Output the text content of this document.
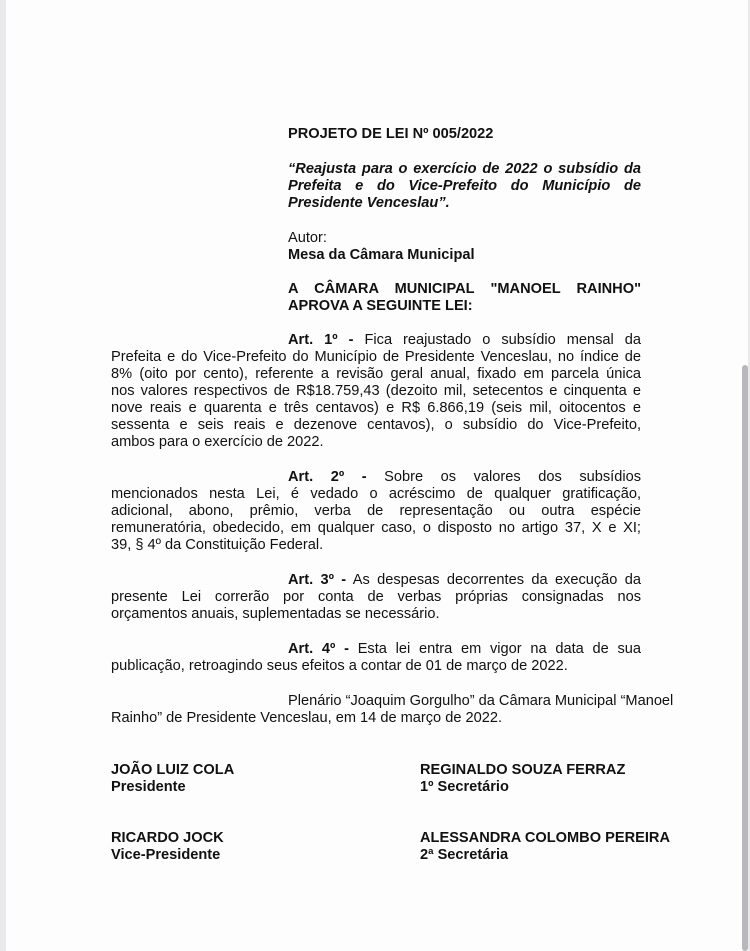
PROJETO DE LEI Nº 005/2022
“Reajusta para o exercício de 2022 o subsídio da
Prefeita e do Vice-Prefeito do Município de
Presidente Venceslau”.
Autor:
Mesa da Câmara Municipal
A CÂMARA MUNICIPAL "MANOEL RAINHO"
APROVA A SEGUINTE LEI:
Art. 1º - Fica reajustado o subsídio mensal da
Prefeita e do Vice-Prefeito do Município de Presidente Venceslau, no índice de
8% (oito por cento), referente a revisão geral anual, fixado em parcela única
nos valores respectivos de R$18.759,43 (dezoito mil, setecentos e cinquenta e
nove reais e quarenta e três centavos) e R$ 6.866,19 (seis mil, oitocentos e
sessenta e seis reais e dezenove centavos), o subsídio do Vice-Prefeito,
ambos para o exercício de 2022.
Art. 2º - Sobre os valores dos subsídios
mencionados nesta Lei, é vedado o acréscimo de qualquer gratificação,
adicional, abono, prêmio, verba de representação ou outra espécie
remuneratória, obedecido, em qualquer caso, o disposto no artigo 37, X e XI;
39, § 4º da Constituição Federal.
Art. 3º - As despesas decorrentes da execução da
presente Lei correrão por conta de verbas próprias consignadas nos
orçamentos anuais, suplementadas se necessário.
Art. 4º - Esta lei entra em vigor na data de sua
publicação, retroagindo seus efeitos a contar de 01 de março de 2022.
Plenário “Joaquim Gorgulho” da Câmara Municipal “Manoel
Rainho” de Presidente Venceslau, em 14 de março de 2022.
JOÃO LUIZ COLA
Presidente
REGINALDO SOUZA FERRAZ
1º Secretário
RICARDO JOCK
Vice-Presidente
ALESSANDRA COLOMBO PEREIRA
2ª Secretária
